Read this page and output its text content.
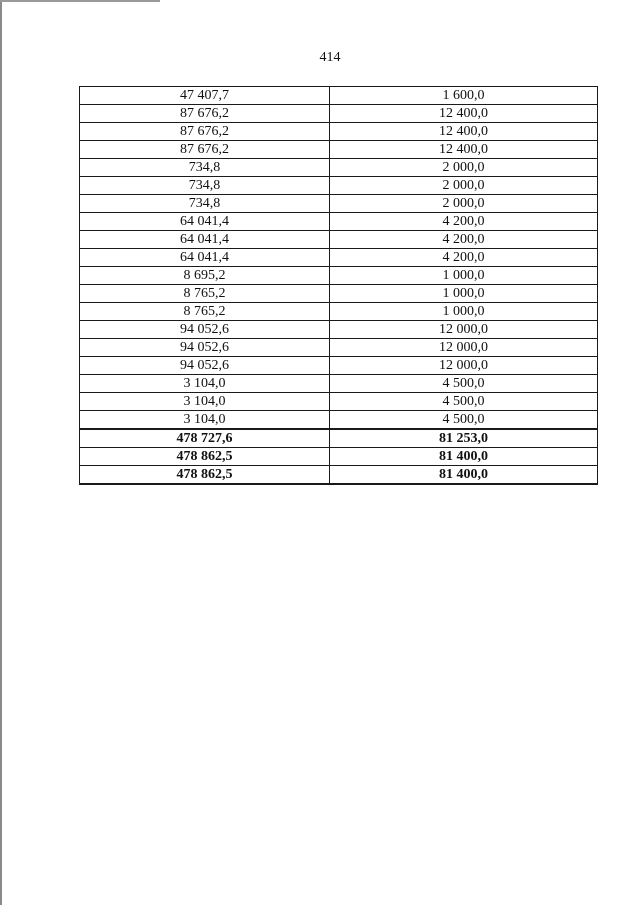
414
47 407,7	1 600,0
87 676,2	12 400,0
87 676,2	12 400,0
87 676,2	12 400,0
734,8	2 000,0
734,8	2 000,0
734,8	2 000,0
64 041,4	4 200,0
64 041,4	4 200,0
64 041,4	4 200,0
8 695,2	1 000,0
8 765,2	1 000,0
8 765,2	1 000,0
94 052,6	12 000,0
94 052,6	12 000,0
94 052,6	12 000,0
3 104,0	4 500,0
3 104,0	4 500,0
3 104,0	4 500,0
478 727,6	81 253,0
478 862,5	81 400,0
478 862,5	81 400,0
